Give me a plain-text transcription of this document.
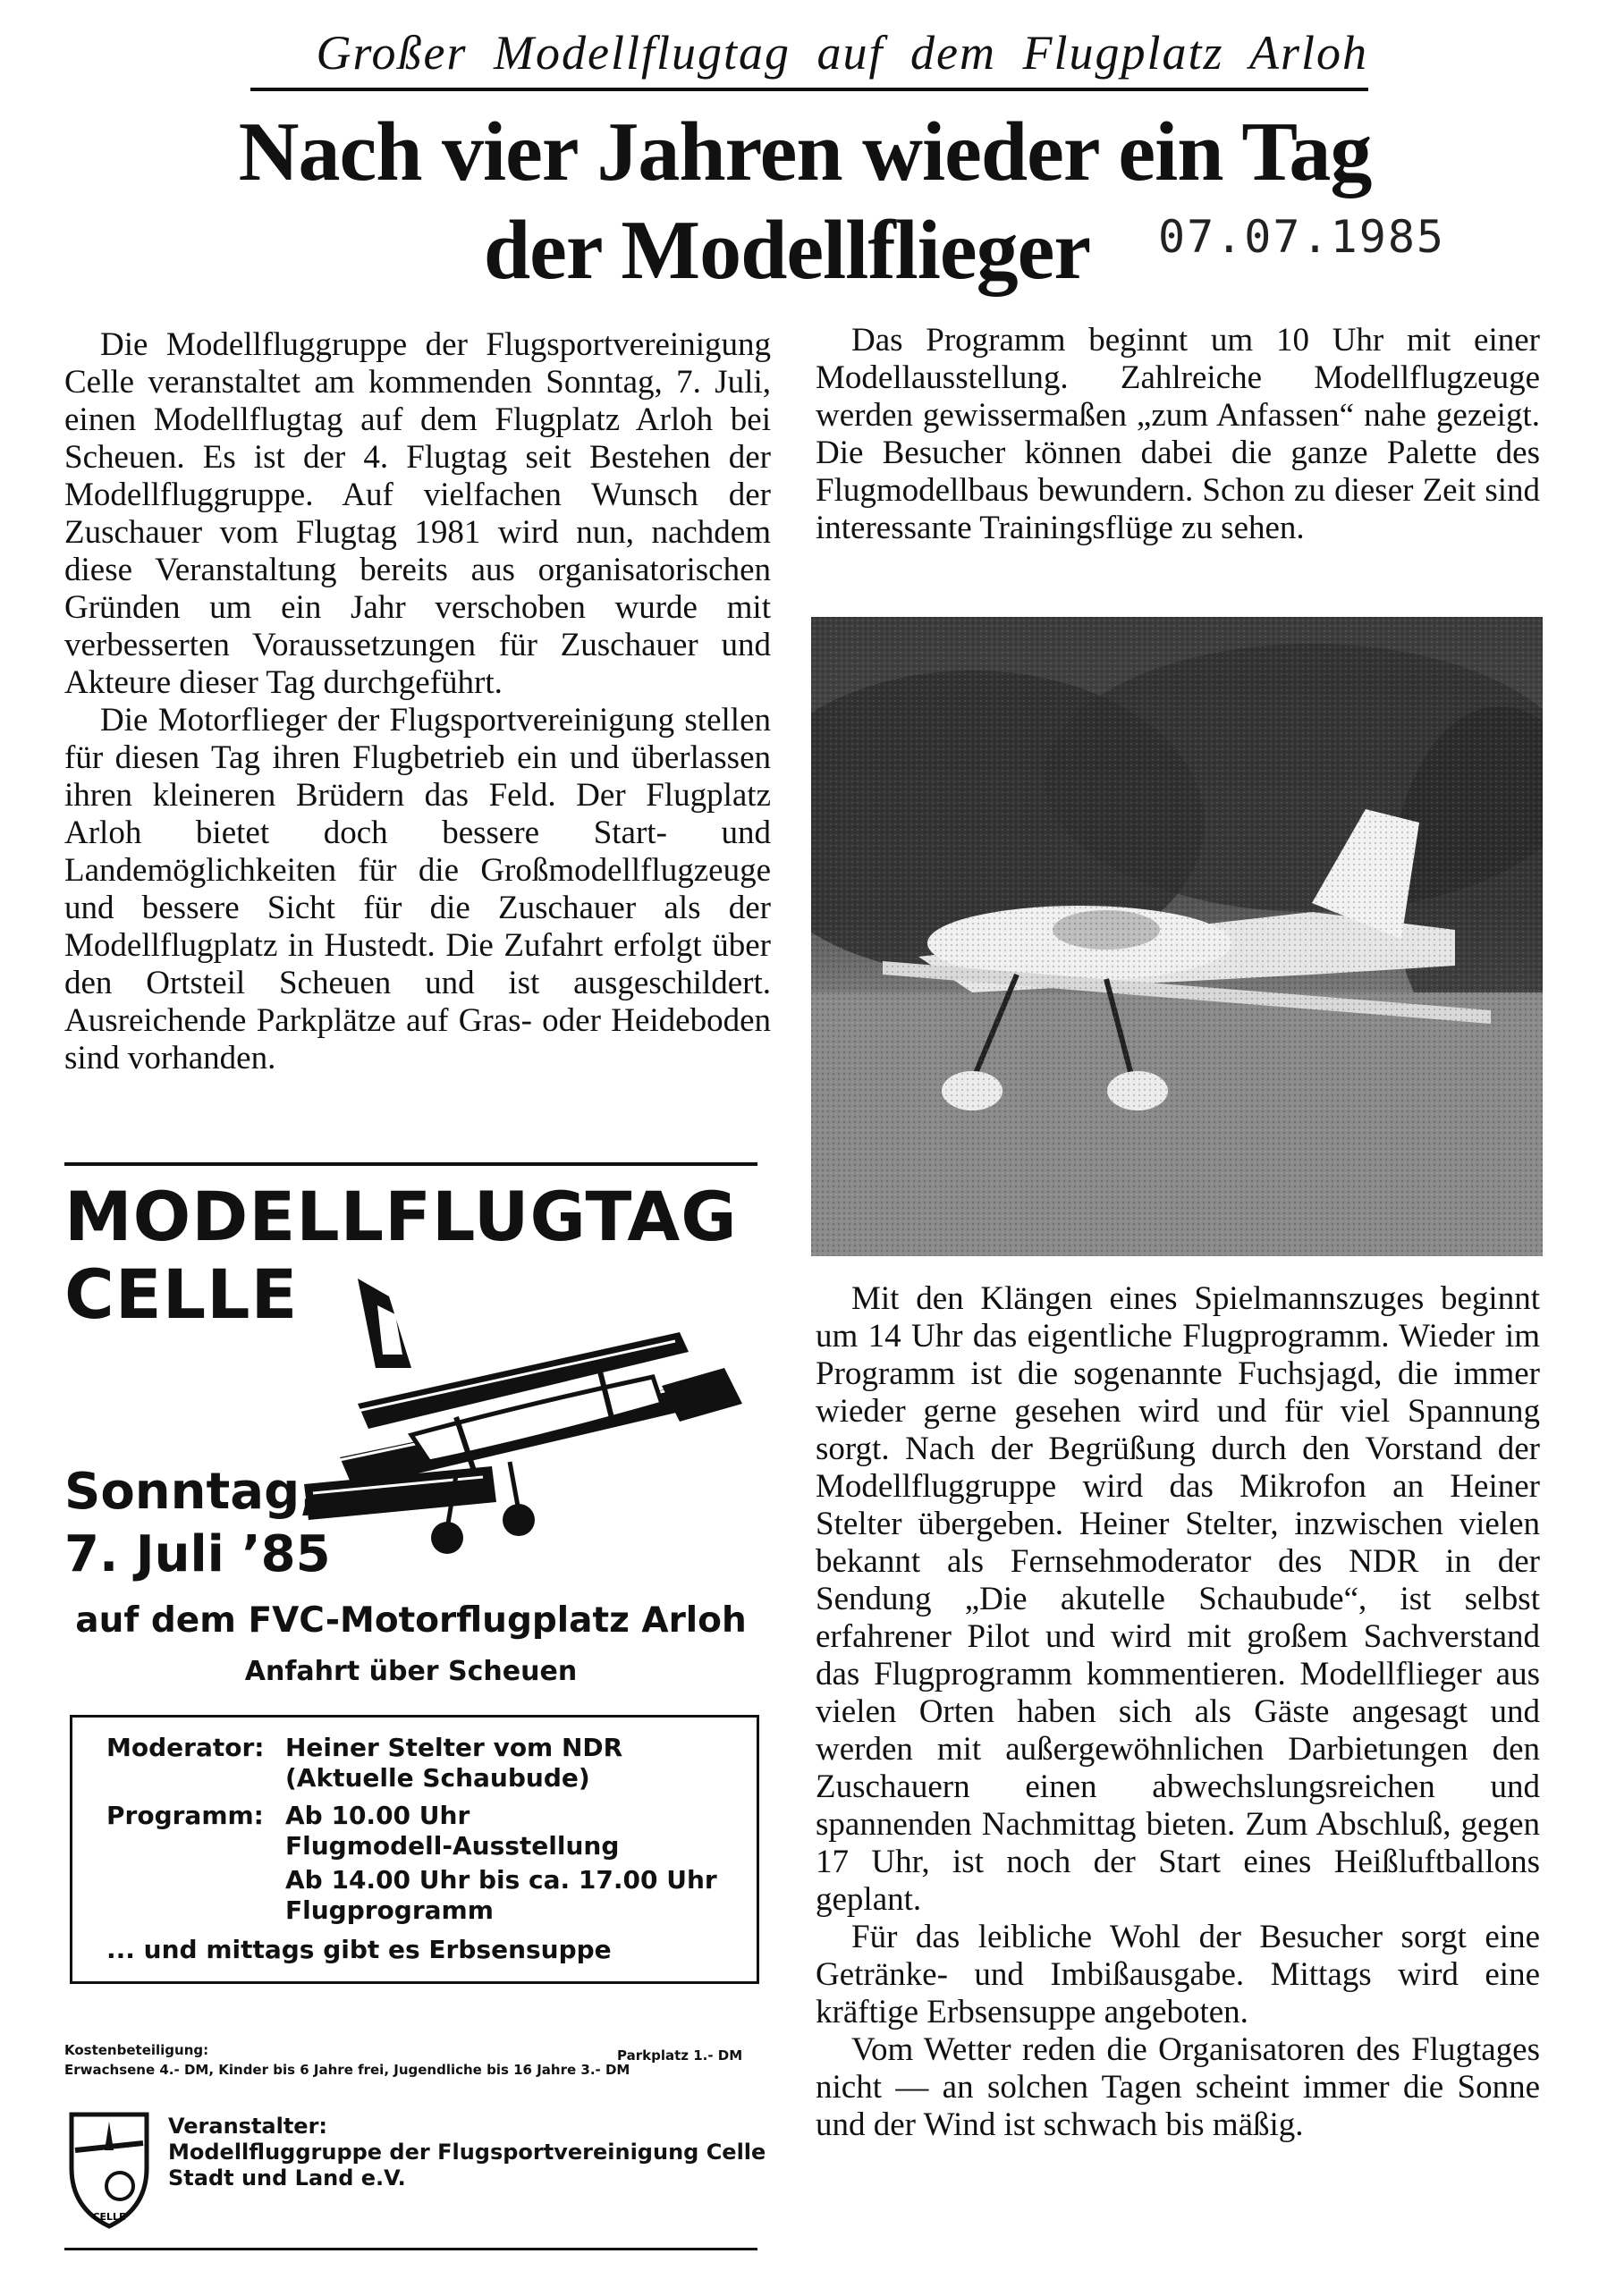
Großer Modellflugtag auf dem Flugplatz Arloh
Nach vier Jahren wieder ein Tag
der Modellflieger	07.07.1985

Die Modellfluggruppe der Flugsportvereinigung Celle veranstaltet am kommenden Sonntag, 7. Juli, einen Modellflugtag auf dem Flugplatz Arloh bei Scheuen. Es ist der 4. Flugtag seit Bestehen der Modellfluggruppe. Auf vielfachen Wunsch der Zuschauer vom Flugtag 1981 wird nun, nachdem diese Veranstaltung bereits aus organisatorischen Gründen um ein Jahr verschoben wurde mit verbesserten Voraussetzungen für Zuschauer und Akteure dieser Tag durchgeführt.

Die Motorflieger der Flugsportvereinigung stellen für diesen Tag ihren Flugbetrieb ein und überlassen ihren kleineren Brüdern das Feld. Der Flugplatz Arloh bietet doch bessere Start- und Landemöglichkeiten für die Großmodellflugzeuge und bessere Sicht für die Zuschauer als der Modellflugplatz in Hustedt. Die Zufahrt erfolgt über den Ortsteil Scheuen und ist ausgeschildert. Ausreichende Parkplätze auf Gras- oder Heideboden sind vorhanden.

Das Programm beginnt um 10 Uhr mit einer Modellausstellung. Zahlreiche Modellflugzeuge werden gewissermaßen „zum Anfassen“ nahe gezeigt. Die Besucher können dabei die ganze Palette des Flugmodellbaus bewundern. Schon zu dieser Zeit sind interessante Trainingsflüge zu sehen.

Mit den Klängen eines Spielmannszuges beginnt um 14 Uhr das eigentliche Flugprogramm. Wieder im Programm ist die sogenannte Fuchsjagd, die immer wieder gerne gesehen wird und für viel Spannung sorgt. Nach der Begrüßung durch den Vorstand der Modellfluggruppe wird das Mikrofon an Heiner Stelter übergeben. Heiner Stelter, inzwischen vielen bekannt als Fernsehmoderator des NDR in der Sendung „Die akutelle Schaubude“, ist selbst erfahrener Pilot und wird mit großem Sachverstand das Flugprogramm kommentieren. Modellflieger aus vielen Orten haben sich als Gäste angesagt und werden mit außergewöhnlichen Darbietungen den Zuschauern einen abwechslungsreichen und spannenden Nachmittag bieten. Zum Abschluß, gegen 17 Uhr, ist noch der Start eines Heißluftballons geplant.

Für das leibliche Wohl der Besucher sorgt eine Getränke- und Imbißausgabe. Mittags wird eine kräftige Erbsensuppe angeboten.

Vom Wetter reden die Organisatoren des Flugtages nicht — an solchen Tagen scheint immer die Sonne und der Wind ist schwach bis mäßig.

MODELLFLUGTAG
CELLE
Sonntag,
7. Juli ’85
auf dem FVC-Motorflugplatz Arloh
Anfahrt über Scheuen
Moderator: Heiner Stelter vom NDR
(Aktuelle Schaubude)
Programm: Ab 10.00 Uhr
Flugmodell-Ausstellung
Ab 14.00 Uhr bis ca. 17.00 Uhr
Flugprogramm
... und mittags gibt es Erbsensuppe
Kostenbeteiligung:	Parkplatz 1.- DM
Erwachsene 4.- DM, Kinder bis 6 Jahre frei, Jugendliche bis 16 Jahre 3.- DM
CELLE
Veranstalter:
Modellfluggruppe der Flugsportvereinigung Celle
Stadt und Land e.V.
